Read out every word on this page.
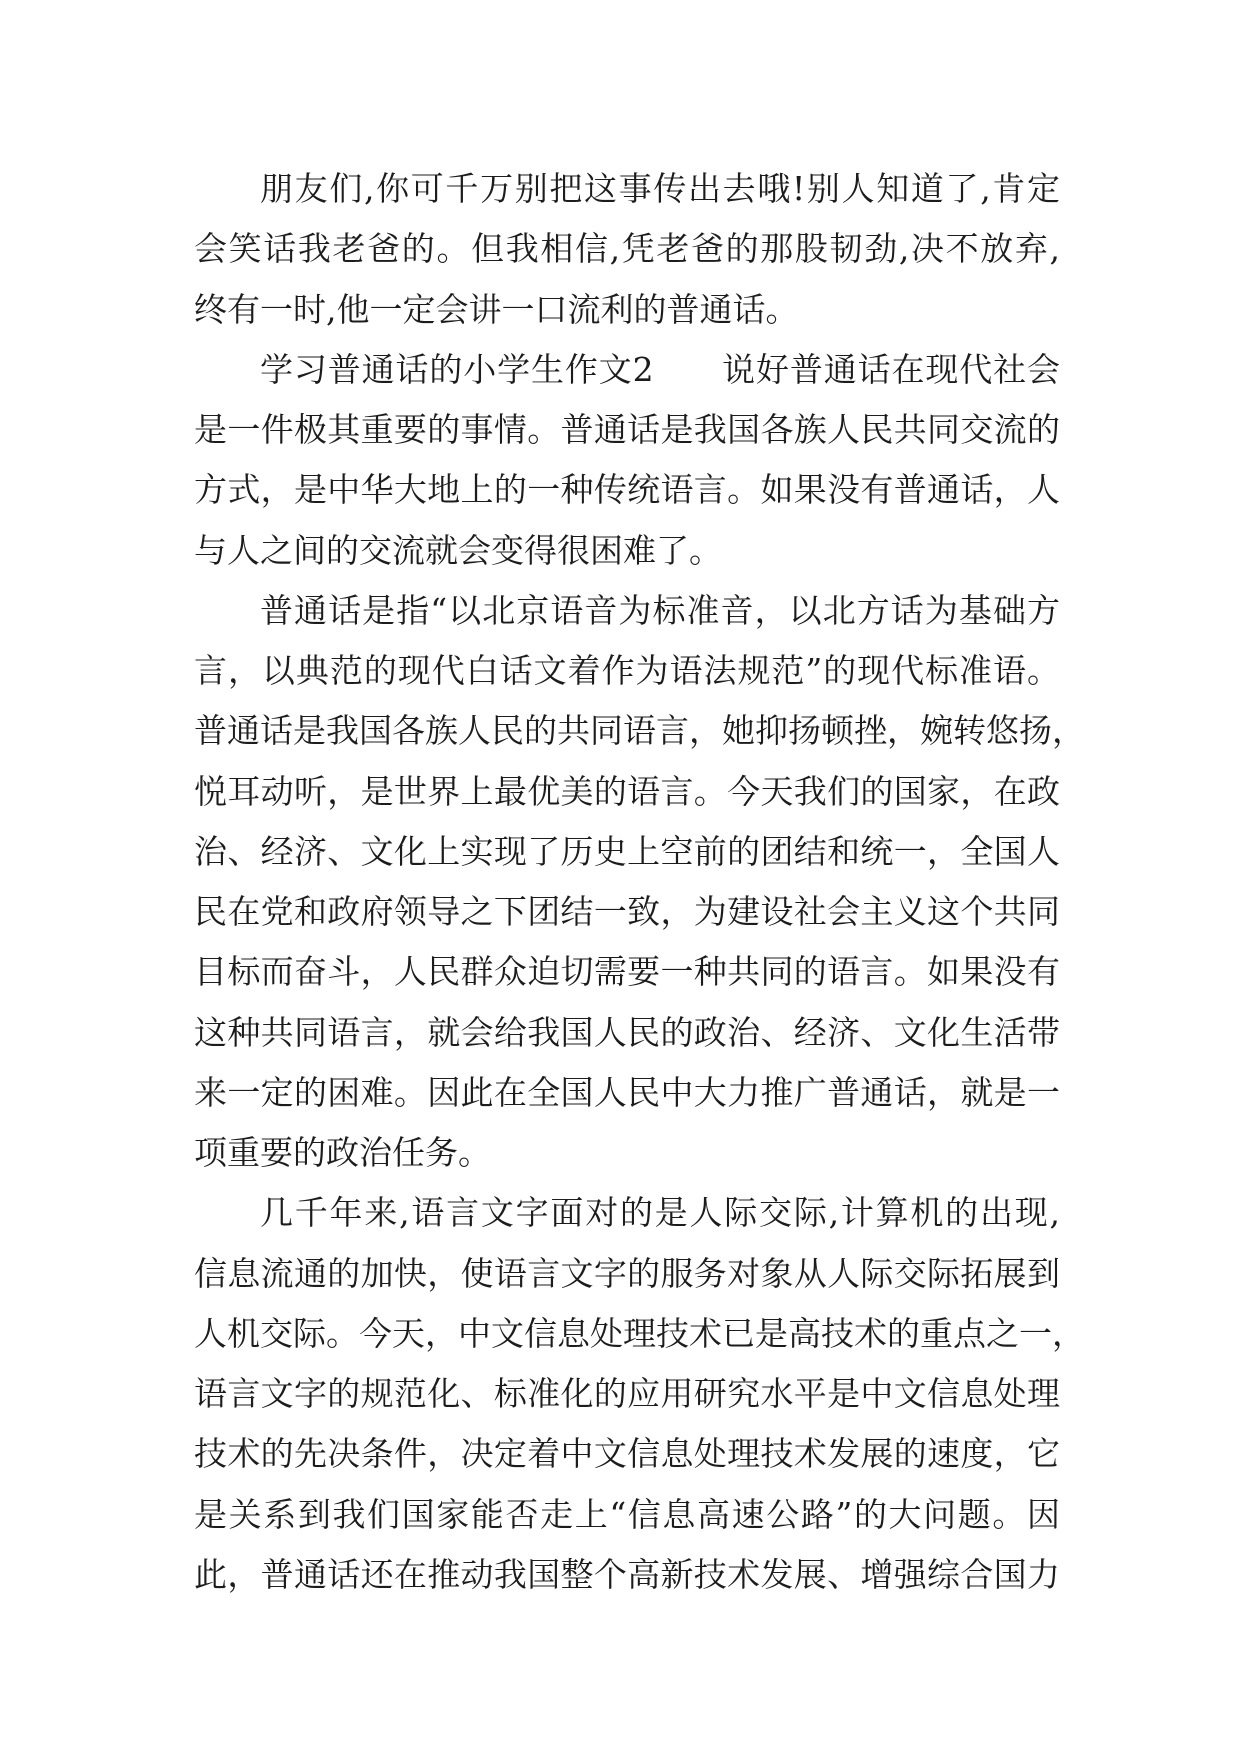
朋友们,你可千万别把这事传出去哦!别人知道了,肯定
会笑话我老爸的。但我相信,凭老爸的那股韧劲,决不放弃,
终有一时,他一定会讲一口流利的普通话。
学习普通话的小学生作文2　　说好普通话在现代社会
是一件极其重要的事情。普通话是我国各族人民共同交流的
方式，是中华大地上的一种传统语言。如果没有普通话，人
与人之间的交流就会变得很困难了。
普通话是指“以北京语音为标准音，以北方话为基础方
言，以典范的现代白话文着作为语法规范”的现代标准语。
普通话是我国各族人民的共同语言，她抑扬顿挫，婉转悠扬，
悦耳动听，是世界上最优美的语言。今天我们的国家，在政
治、经济、文化上实现了历史上空前的团结和统一，全国人
民在党和政府领导之下团结一致，为建设社会主义这个共同
目标而奋斗，人民群众迫切需要一种共同的语言。如果没有
这种共同语言，就会给我国人民的政治、经济、文化生活带
来一定的困难。因此在全国人民中大力推广普通话，就是一
项重要的政治任务。
几千年来,语言文字面对的是人际交际,计算机的出现,
信息流通的加快，使语言文字的服务对象从人际交际拓展到
人机交际。今天，中文信息处理技术已是高技术的重点之一，
语言文字的规范化、标准化的应用研究水平是中文信息处理
技术的先决条件，决定着中文信息处理技术发展的速度，它
是关系到我们国家能否走上“信息高速公路”的大问题。因
此，普通话还在推动我国整个高新技术发展、增强综合国力
